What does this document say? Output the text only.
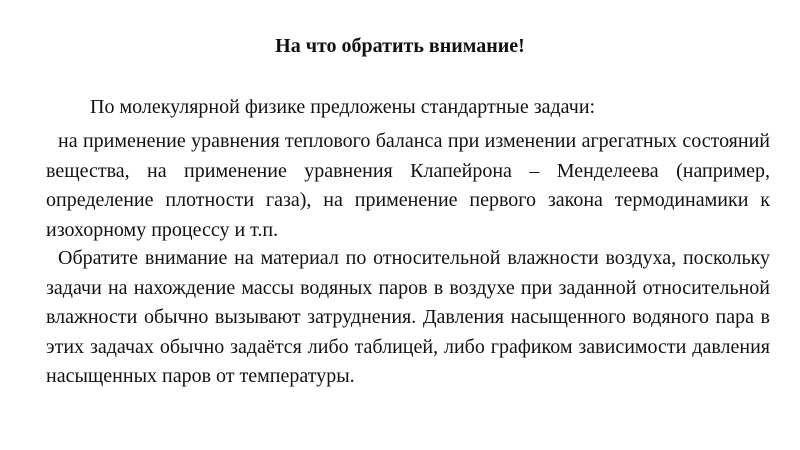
На что обратить внимание!
По молекулярной физике предложены стандартные задачи:

на применение уравнения теплового баланса при изменении агрегатных состояний вещества, на применение уравнения Клапейрона – Менделеева (например, определение плотности газа), на применение первого закона термодинамики к изохорному процессу и т.п.

Обратите внимание на материал по относительной влажности воздуха, поскольку задачи на нахождение массы водяных паров в воздухе при заданной относительной влажности обычно вызывают затруднения. Давления насыщенного водяного пара в этих задачах обычно задаётся либо таблицей, либо графиком зависимости давления насыщенных паров от температуры.
